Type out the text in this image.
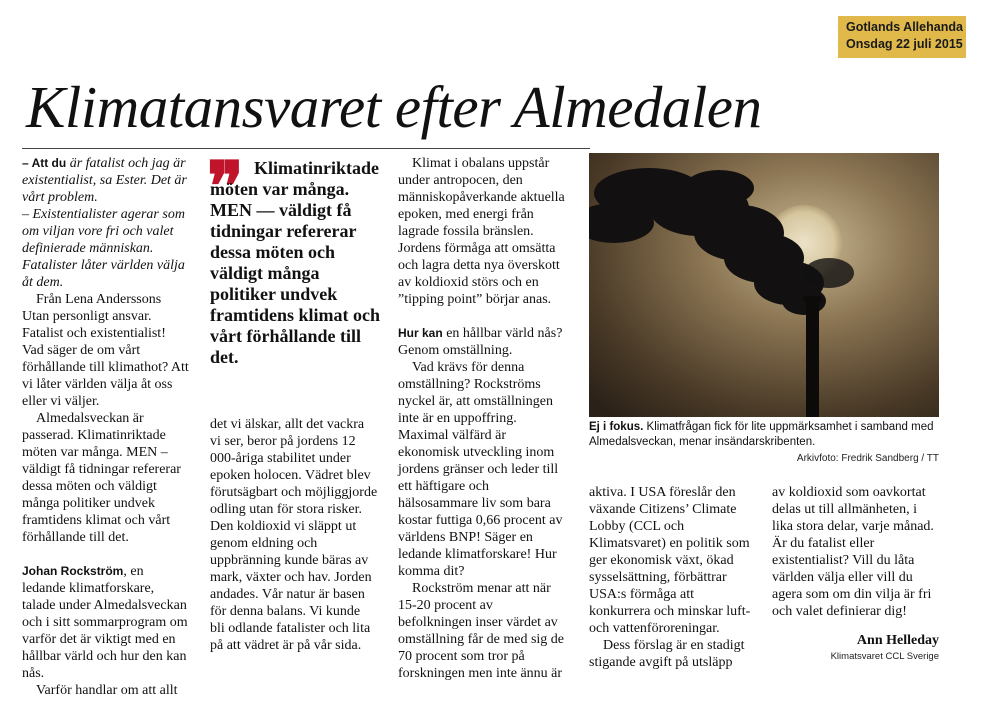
Gotlands Allehanda
Onsdag 22 juli 2015
Klimatansvaret efter Almedalen

– Att du är fatalist och jag är existentialist, sa Ester. Det är vårt problem.

– Existentialister agerar som om viljan vore fri och valet definierade människan. Fatalister låter världen välja åt dem.

Från Lena Anderssons Utan personligt ansvar. Fatalist och existentialist! Vad säger de om vårt förhållande till klimathot? Att vi låter världen välja åt oss eller vi väljer.

Almedalsveckan är passerad. Klimatinriktade möten var många. MEN – väldigt få tidningar refererar dessa möten och väldigt många politiker undvek framtidens klimat och vårt förhållande till det.

Johan Rockström, en ledande klimatforskare, talade under Almedalsveckan och i sitt sommarprogram om varför det är viktigt med en hållbar värld och hur den kan nås.

Varför handlar om att allt

❞ Klimatinriktade möten var många. MEN — väldigt få tidningar refererar dessa möten och väldigt många politiker undvek framtidens klimat och vårt förhållande till det.

det vi älskar, allt det vackra vi ser, beror på jordens 12 000-åriga stabilitet under epoken holocen. Vädret blev förutsägbart och möjliggjorde odling utan för stora risker. Den koldioxid vi släppt ut genom eldning och uppbränning kunde bäras av mark, växter och hav. Jorden andades. Vår natur är basen för denna balans. Vi kunde bli odlande fatalister och lita på att vädret är på vår sida.

Klimat i obalans uppstår under antropocen, den människopåverkande aktuella epoken, med energi från lagrade fossila bränslen. Jordens förmåga att omsätta och lagra detta nya överskott av koldioxid störs och en ”tipping point” börjar anas.

Hur kan en hållbar värld nås? Genom omställning.

Vad krävs för denna omställning? Rockströms nyckel är, att omställningen inte är en uppoffring. Maximal välfärd är ekonomisk utveckling inom jordens gränser och leder till ett häftigare och hälsosammare liv som bara kostar futtiga 0,66 procent av världens BNP! Säger en ledande klimatforskare! Hur komma dit?

Rockström menar att när 15-20 procent av befolkningen inser värdet av omställning får de med sig de 70 procent som tror på forskningen men inte ännu är

Ej i fokus. Klimatfrågan fick för lite uppmärksamhet i samband med Almedalsveckan, menar insändarskribenten.
Arkivfoto: Fredrik Sandberg / TT

aktiva. I USA föreslår den växande Citizens’ Climate Lobby (CCL och Klimatsvaret) en politik som ger ekonomisk växt, ökad sysselsättning, förbättrar USA:s förmåga att konkurrera och minskar luft- och vattenföroreningar.

Dess förslag är en stadigt stigande avgift på utsläpp

av koldioxid som oavkortat delas ut till allmänheten, i lika stora delar, varje månad. Är du fatalist eller existentialist? Vill du låta världen välja eller vill du agera som om din vilja är fri och valet definierar dig!

Ann Helleday
Klimatsvaret CCL Sverige
